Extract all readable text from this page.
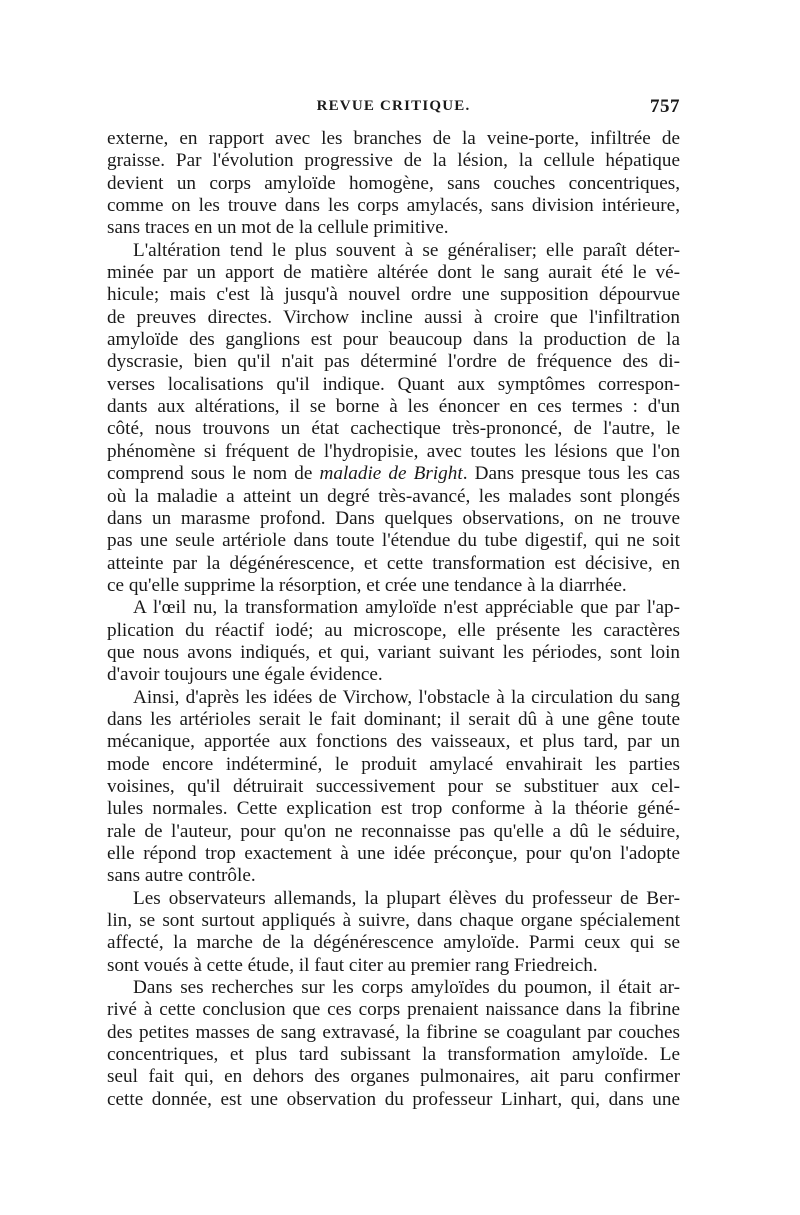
REVUE CRITIQUE.	757

externe, en rapport avec les branches de la veine-porte, infiltrée de
graisse. Par l'évolution progressive de la lésion, la cellule hépatique
devient un corps amyloïde homogène, sans couches concentriques,
comme on les trouve dans les corps amylacés, sans division intérieure,
sans traces en un mot de la cellule primitive.

L'altération tend le plus souvent à se généraliser; elle paraît déter-
minée par un apport de matière altérée dont le sang aurait été le vé-
hicule; mais c'est là jusqu'à nouvel ordre une supposition dépourvue
de preuves directes. Virchow incline aussi à croire que l'infiltration
amyloïde des ganglions est pour beaucoup dans la production de la
dyscrasie, bien qu'il n'ait pas déterminé l'ordre de fréquence des di-
verses localisations qu'il indique. Quant aux symptômes correspon-
dants aux altérations, il se borne à les énoncer en ces termes : d'un
côté, nous trouvons un état cachectique très-prononcé, de l'autre, le
phénomène si fréquent de l'hydropisie, avec toutes les lésions que l'on
comprend sous le nom de maladie de Bright. Dans presque tous les cas
où la maladie a atteint un degré très-avancé, les malades sont plongés
dans un marasme profond. Dans quelques observations, on ne trouve
pas une seule artériole dans toute l'étendue du tube digestif, qui ne soit
atteinte par la dégénérescence, et cette transformation est décisive, en
ce qu'elle supprime la résorption, et crée une tendance à la diarrhée.

A l'œil nu, la transformation amyloïde n'est appréciable que par l'ap-
plication du réactif iodé; au microscope, elle présente les caractères
que nous avons indiqués, et qui, variant suivant les périodes, sont loin
d'avoir toujours une égale évidence.

Ainsi, d'après les idées de Virchow, l'obstacle à la circulation du sang
dans les artérioles serait le fait dominant; il serait dû à une gêne toute
mécanique, apportée aux fonctions des vaisseaux, et plus tard, par un
mode encore indéterminé, le produit amylacé envahirait les parties
voisines, qu'il détruirait successivement pour se substituer aux cel-
lules normales. Cette explication est trop conforme à la théorie géné-
rale de l'auteur, pour qu'on ne reconnaisse pas qu'elle a dû le séduire,
elle répond trop exactement à une idée préconçue, pour qu'on l'adopte
sans autre contrôle.

Les observateurs allemands, la plupart élèves du professeur de Ber-
lin, se sont surtout appliqués à suivre, dans chaque organe spécialement
affecté, la marche de la dégénérescence amyloïde. Parmi ceux qui se
sont voués à cette étude, il faut citer au premier rang Friedreich.

Dans ses recherches sur les corps amyloïdes du poumon, il était ar-
rivé à cette conclusion que ces corps prenaient naissance dans la fibrine
des petites masses de sang extravasé, la fibrine se coagulant par couches
concentriques, et plus tard subissant la transformation amyloïde. Le
seul fait qui, en dehors des organes pulmonaires, ait paru confirmer
cette donnée, est une observation du professeur Linhart, qui, dans une
